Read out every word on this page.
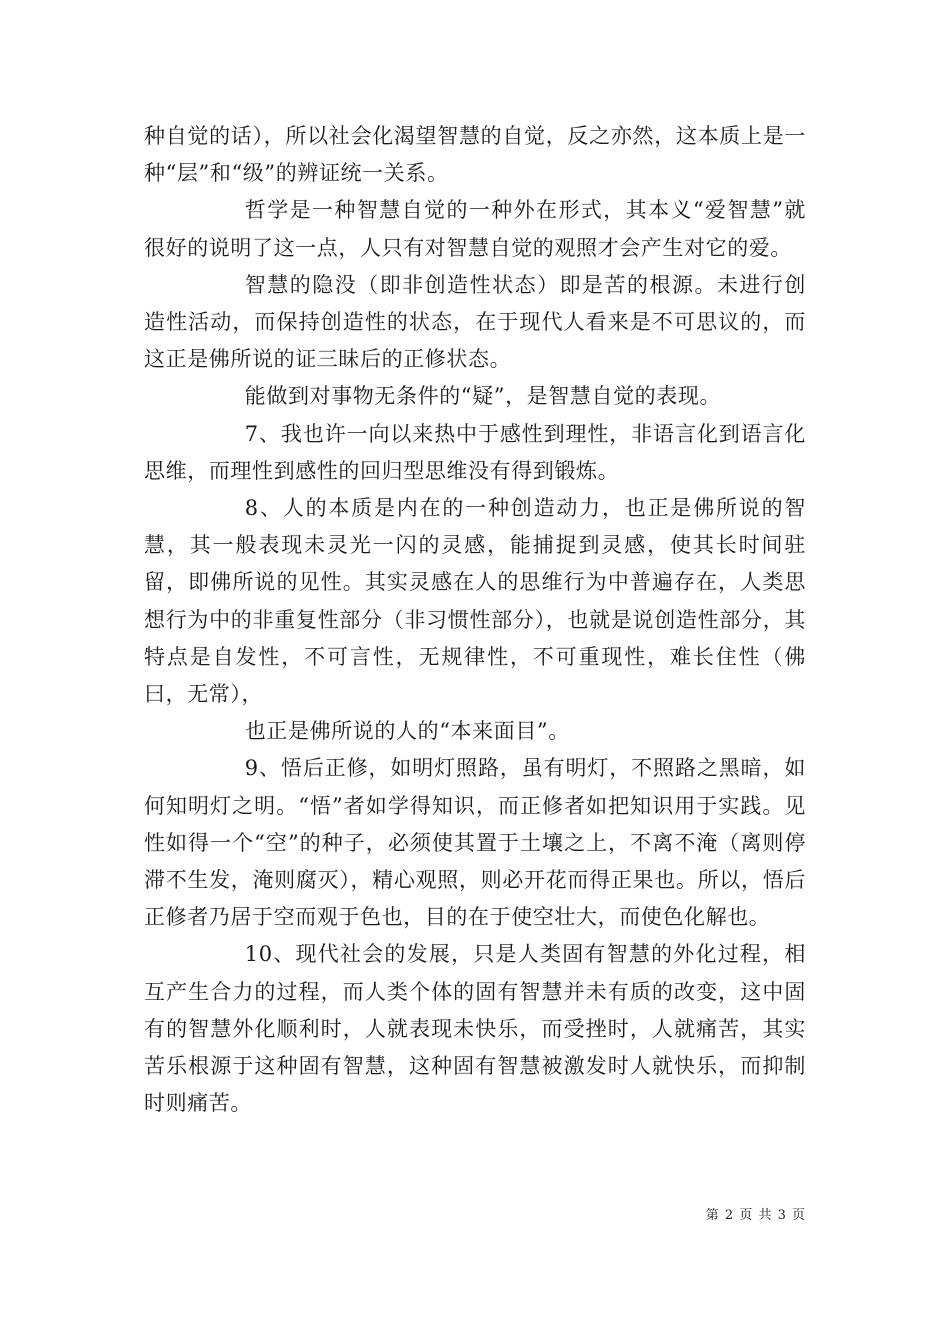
种自觉的话），所以社会化渴望智慧的自觉，反之亦然，这本质上是一种“层”和“级”的辨证统一关系。

哲学是一种智慧自觉的一种外在形式，其本义“爱智慧”就很好的说明了这一点，人只有对智慧自觉的观照才会产生对它的爱。

智慧的隐没（即非创造性状态）即是苦的根源。未进行创造性活动，而保持创造性的状态，在于现代人看来是不可思议的，而这正是佛所说的证三昧后的正修状态。

能做到对事物无条件的“疑”，是智慧自觉的表现。

7、我也许一向以来热中于感性到理性，非语言化到语言化思维，而理性到感性的回归型思维没有得到锻炼。

8、人的本质是内在的一种创造动力，也正是佛所说的智慧，其一般表现未灵光一闪的灵感，能捕捉到灵感，使其长时间驻留，即佛所说的见性。其实灵感在人的思维行为中普遍存在，人类思想行为中的非重复性部分（非习惯性部分），也就是说创造性部分，其特点是自发性，不可言性，无规律性，不可重现性，难长住性（佛曰，无常），

也正是佛所说的人的“本来面目”。

9、悟后正修，如明灯照路，虽有明灯，不照路之黑暗，如何知明灯之明。“悟”者如学得知识，而正修者如把知识用于实践。见性如得一个“空”的种子，必须使其置于土壤之上，不离不淹（离则停滞不生发，淹则腐灭），精心观照，则必开花而得正果也。所以，悟后正修者乃居于空而观于色也，目的在于使空壮大，而使色化解也。

10、现代社会的发展，只是人类固有智慧的外化过程，相互产生合力的过程，而人类个体的固有智慧并未有质的改变，这中固有的智慧外化顺利时，人就表现未快乐，而受挫时，人就痛苦，其实苦乐根源于这种固有智慧，这种固有智慧被激发时人就快乐，而抑制时则痛苦。

第 2 页 共 3 页
